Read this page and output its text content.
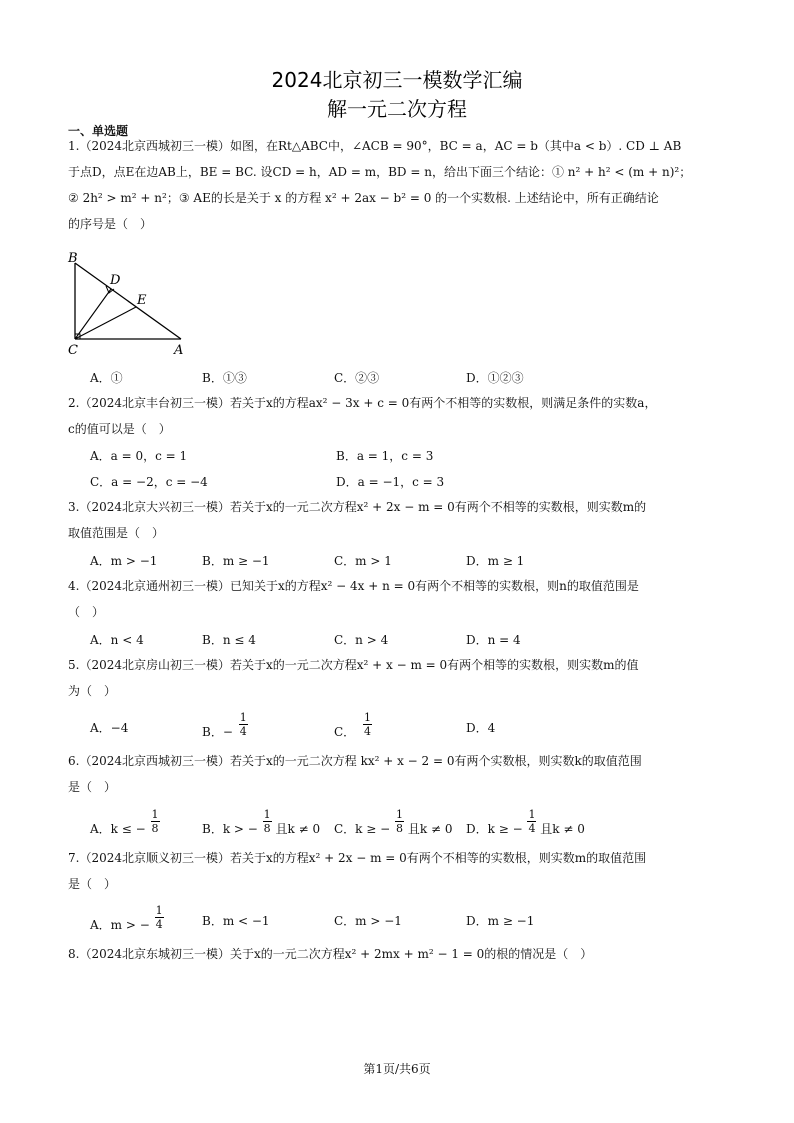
2024北京初三一模数学汇编
解一元二次方程
一、单选题
1.（2024北京西城初三一模）如图，在Rt△ABC中，∠ACB = 90°，BC = a，AC = b（其中a < b）. CD ⊥ AB
于点D，点E在边AB上，BE = BC. 设CD = h，AD = m，BD = n，给出下面三个结论：① n² + h² < (m + n)²；
② 2h² > m² + n²；③ AE的长是关于 x 的方程 x² + 2ax − b² = 0 的一个实数根. 上述结论中，所有正确结论
的序号是（　）
B
D
E
C	A
A．①	B．①③	C．②③	D．①②③
2.（2024北京丰台初三一模）若关于x的方程ax² − 3x + c = 0有两个不相等的实数根，则满足条件的实数a，
c的值可以是（　）
A．a = 0，c = 1	B．a = 1，c = 3
C．a = −2，c = −4	D．a = −1，c = 3
3.（2024北京大兴初三一模）若关于x的一元二次方程x² + 2x − m = 0有两个不相等的实数根，则实数m的
取值范围是（　）
A．m > −1	B．m ≥ −1	C．m > 1	D．m ≥ 1
4.（2024北京通州初三一模）已知关于x的方程x² − 4x + n = 0有两个不相等的实数根，则n的取值范围是
（　）
A．n < 4	B．n ≤ 4	C．n > 4	D．n = 4
5.（2024北京房山初三一模）若关于x的一元二次方程x² + x − m = 0有两个相等的实数根，则实数m的值
为（　）
A．−4	B．− $\frac{1}{4}$	C． $\frac{1}{4}$	D．4
6.（2024北京西城初三一模）若关于x的一元二次方程 kx² + x − 2 = 0有两个实数根，则实数k的取值范围
是（　）
A．k ≤ − $\frac{1}{8}$	B．k > − $\frac{1}{8}$ 且k ≠ 0 C．k ≥ − $\frac{1}{8}$ 且k ≠ 0 D．k ≥ − $\frac{1}{4}$ 且k ≠ 0
7.（2024北京顺义初三一模）若关于x的方程x² + 2x − m = 0有两个不相等的实数根，则实数m的取值范围
是（　）
A．m > − $\frac{1}{4}$	B．m < −1	C．m > −1	D．m ≥ −1
8.（2024北京东城初三一模）关于x的一元二次方程x² + 2mx + m² − 1 = 0的根的情况是（　）
第1页/共6页
